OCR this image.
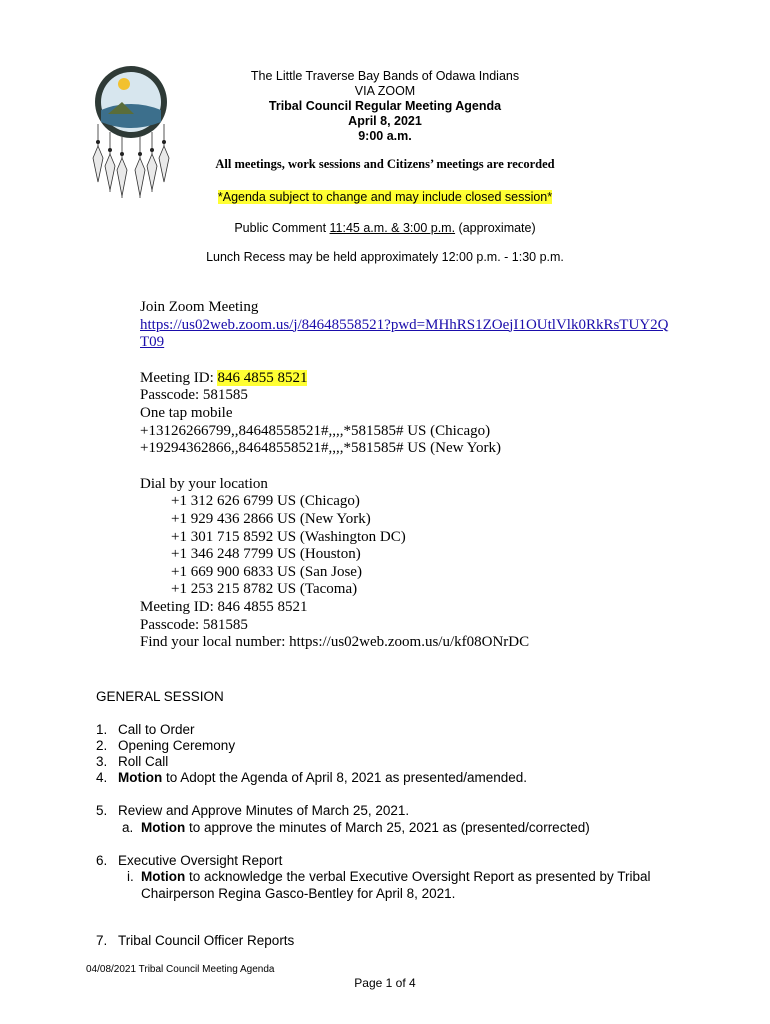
The Little Traverse Bay Bands of Odawa Indians
VIA ZOOM
Tribal Council Regular Meeting Agenda
April 8, 2021
9:00 a.m.
All meetings, work sessions and Citizens’ meetings are recorded
*Agenda subject to change and may include closed session*
Public Comment 11:45 a.m. & 3:00 p.m. (approximate)
Lunch Recess may be held approximately 12:00 p.m. - 1:30 p.m.
Join Zoom Meeting
https://us02web.zoom.us/j/84648558521?pwd=MHhRS1ZOejI1OUtlVlk0RkRsTUY2Q
T09
Meeting ID: 846 4855 8521
Passcode: 581585
One tap mobile
+13126266799,,84648558521#,,,,*581585# US (Chicago)
+19294362866,,84648558521#,,,,*581585# US (New York)
Dial by your location
+1 312 626 6799 US (Chicago)
+1 929 436 2866 US (New York)
+1 301 715 8592 US (Washington DC)
+1 346 248 7799 US (Houston)
+1 669 900 6833 US (San Jose)
+1 253 215 8782 US (Tacoma)
Meeting ID: 846 4855 8521
Passcode: 581585
Find your local number: https://us02web.zoom.us/u/kf08ONrDC
GENERAL SESSION
1. Call to Order
2. Opening Ceremony
3. Roll Call
4. Motion to Adopt the Agenda of April 8, 2021 as presented/amended.
5. Review and Approve Minutes of March 25, 2021.
a. Motion to approve the minutes of March 25, 2021 as (presented/corrected)
6. Executive Oversight Report
i. Motion to acknowledge the verbal Executive Oversight Report as presented by Tribal
Chairperson Regina Gasco-Bentley for April 8, 2021.
7. Tribal Council Officer Reports
04/08/2021 Tribal Council Meeting Agenda
Page 1 of 4
